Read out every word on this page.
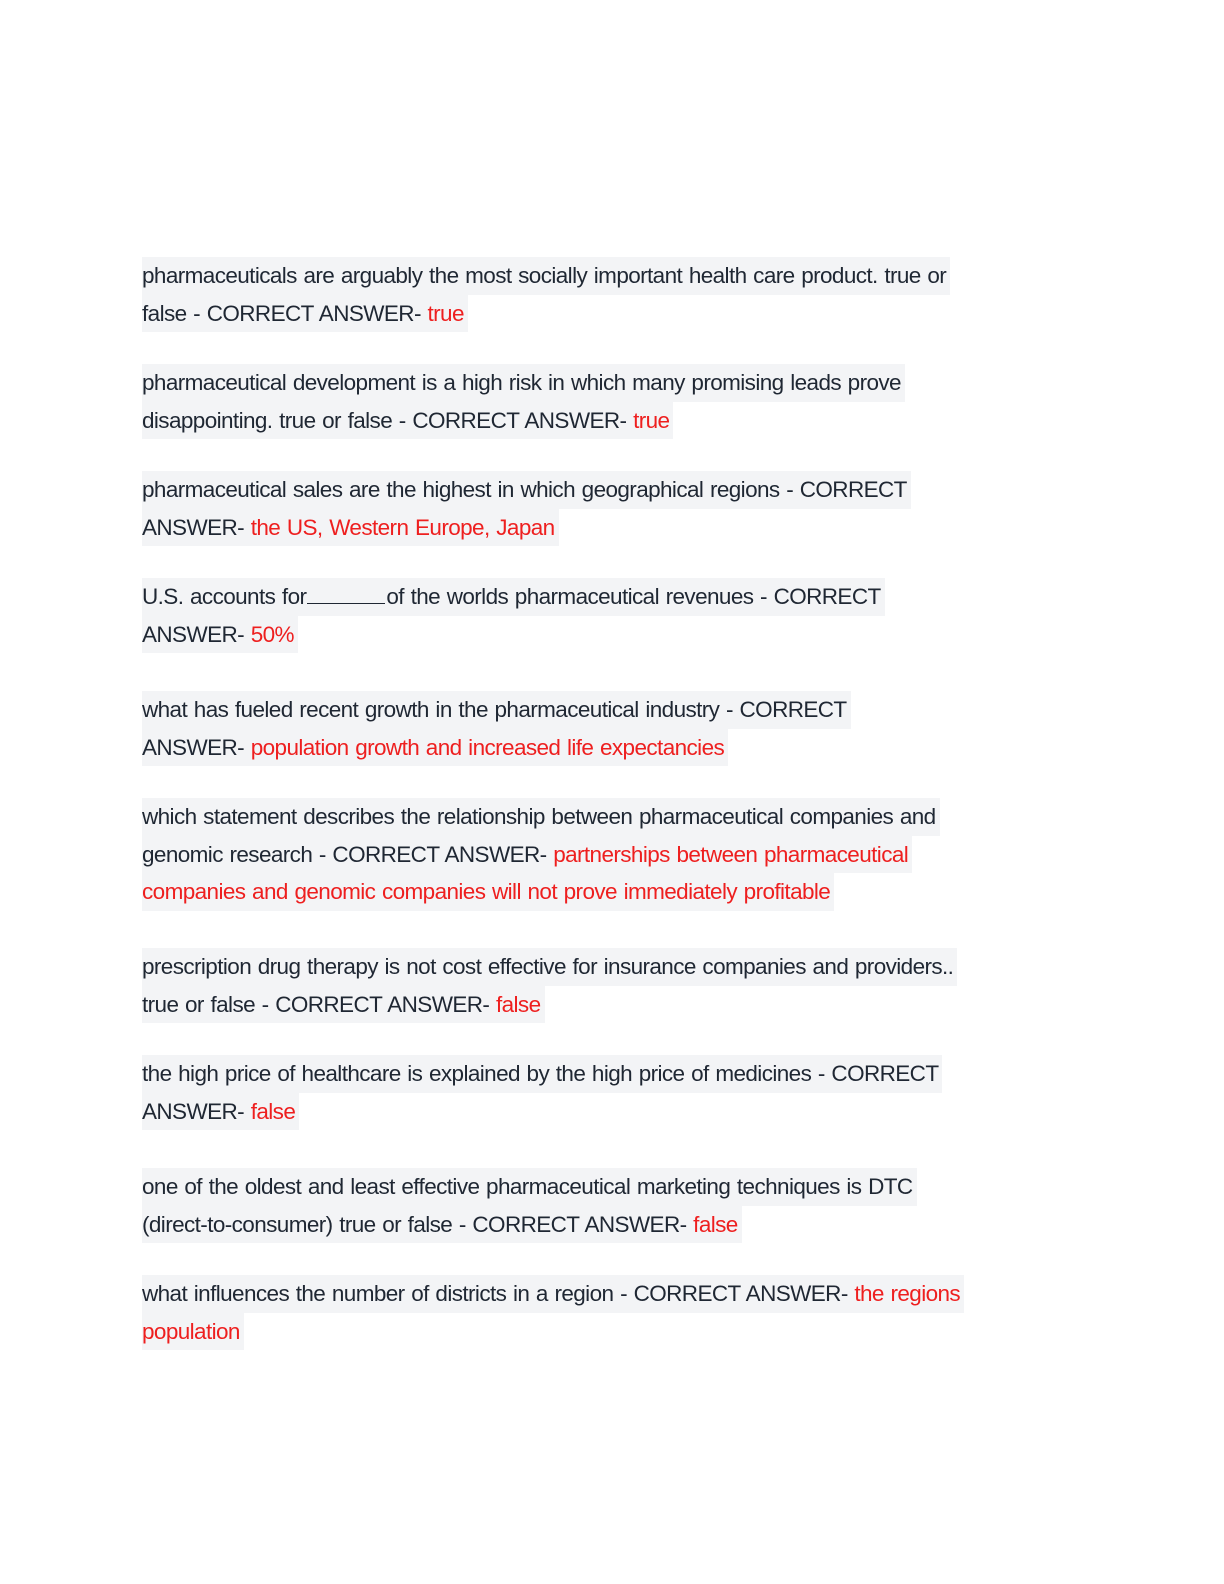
pharmaceuticals are arguably the most socially important health care product. true or
false - CORRECT ANSWER- true
pharmaceutical development is a high risk in which many promising leads prove
disappointing. true or false - CORRECT ANSWER- true
pharmaceutical sales are the highest in which geographical regions - CORRECT
ANSWER- the US, Western Europe, Japan
U.S. accounts for	of the worlds pharmaceutical revenues - CORRECT
ANSWER- 50%
what has fueled recent growth in the pharmaceutical industry - CORRECT
ANSWER- population growth and increased life expectancies
which statement describes the relationship between pharmaceutical companies and
genomic research - CORRECT ANSWER- partnerships between pharmaceutical
companies and genomic companies will not prove immediately profitable
prescription drug therapy is not cost effective for insurance companies and providers..
true or false - CORRECT ANSWER- false
the high price of healthcare is explained by the high price of medicines - CORRECT
ANSWER- false
one of the oldest and least effective pharmaceutical marketing techniques is DTC
(direct-to-consumer) true or false - CORRECT ANSWER- false
what influences the number of districts in a region - CORRECT ANSWER- the regions
population
